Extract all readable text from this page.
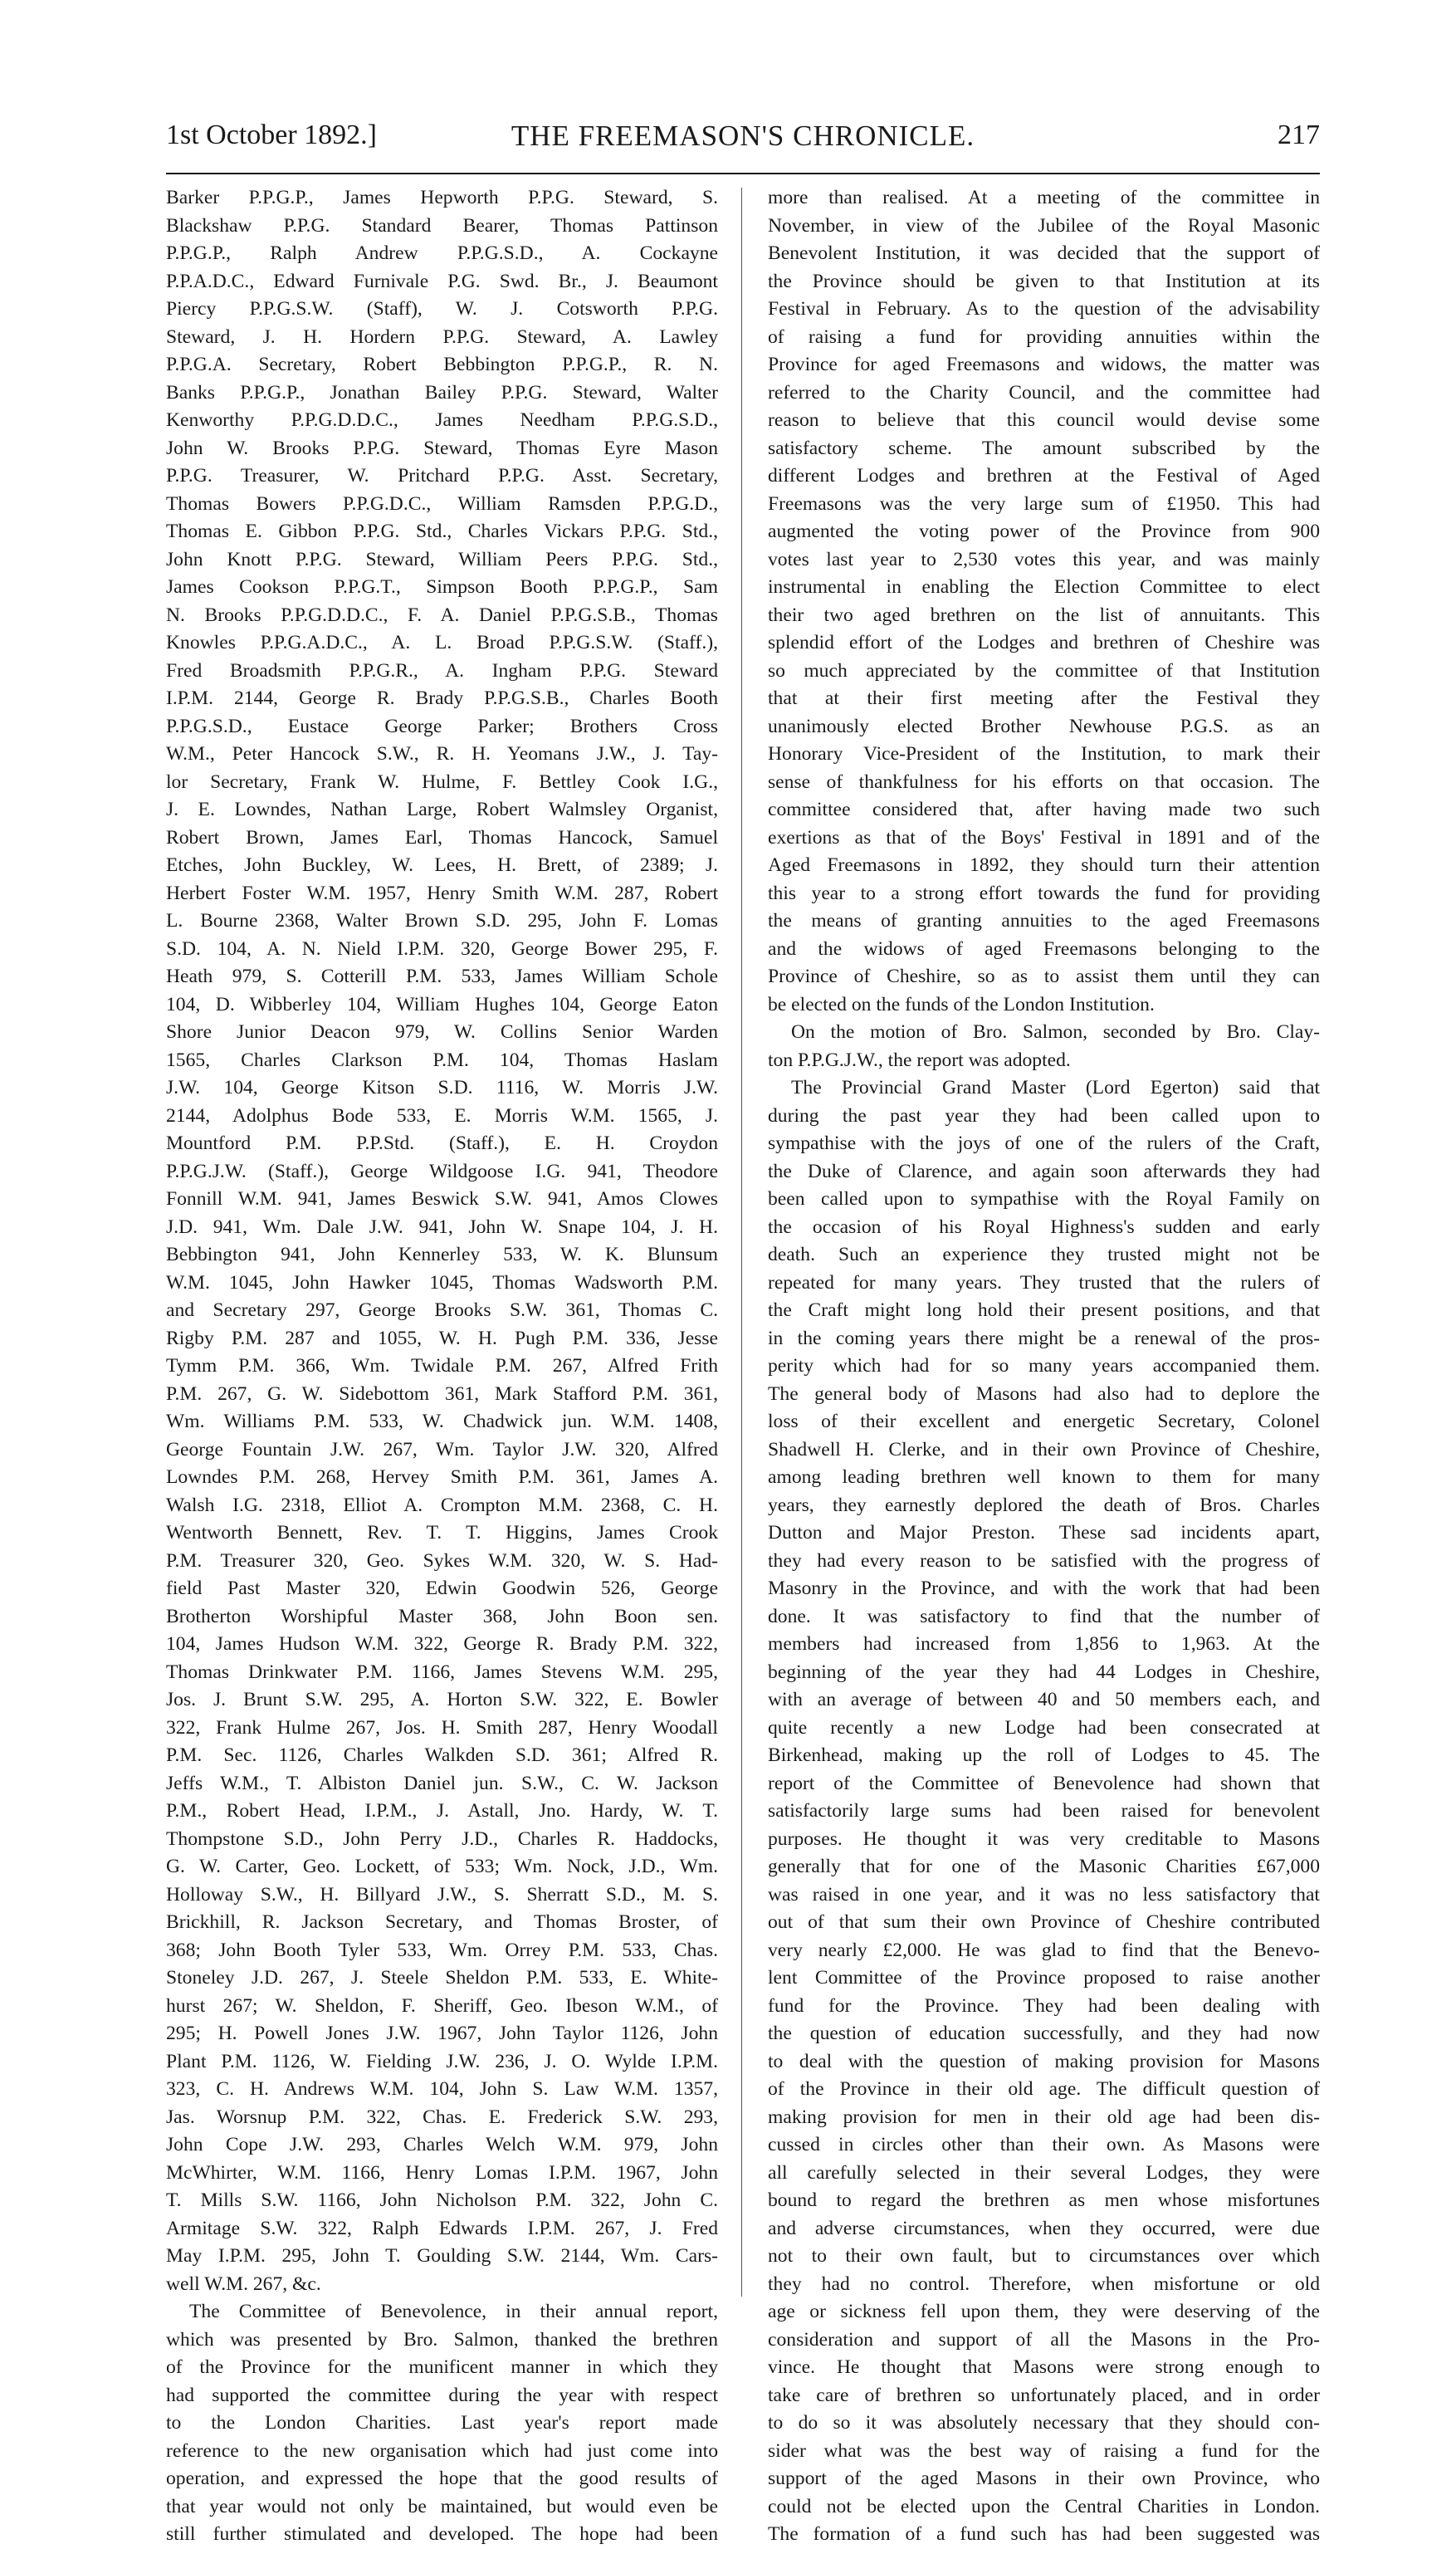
1st October 1892.]	THE FREEMASON'S CHRONICLE.	217
Barker P.P.G.P., James Hepworth P.P.G. Steward, S.
Blackshaw P.P.G. Standard Bearer, Thomas Pattinson
P.P.G.P., Ralph Andrew P.P.G.S.D., A. Cockayne
P.P.A.D.C., Edward Furnivale P.G. Swd. Br., J. Beaumont
Piercy P.P.G.S.W. (Staff), W. J. Cotsworth P.P.G.
Steward, J. H. Hordern P.P.G. Steward, A. Lawley
P.P.G.A. Secretary, Robert Bebbington P.P.G.P., R. N.
Banks P.P.G.P., Jonathan Bailey P.P.G. Steward, Walter
Kenworthy P.P.G.D.D.C., James Needham P.P.G.S.D.,
John W. Brooks P.P.G. Steward, Thomas Eyre Mason
P.P.G. Treasurer, W. Pritchard P.P.G. Asst. Secretary,
Thomas Bowers P.P.G.D.C., William Ramsden P.P.G.D.,
Thomas E. Gibbon P.P.G. Std., Charles Vickars P.P.G. Std.,
John Knott P.P.G. Steward, William Peers P.P.G. Std.,
James Cookson P.P.G.T., Simpson Booth P.P.G.P., Sam
N. Brooks P.P.G.D.D.C., F. A. Daniel P.P.G.S.B., Thomas
Knowles P.P.G.A.D.C., A. L. Broad P.P.G.S.W. (Staff.),
Fred Broadsmith P.P.G.R., A. Ingham P.P.G. Steward
I.P.M. 2144, George R. Brady P.P.G.S.B., Charles Booth
P.P.G.S.D., Eustace George Parker; Brothers Cross
W.M., Peter Hancock S.W., R. H. Yeomans J.W., J. Tay-
lor Secretary, Frank W. Hulme, F. Bettley Cook I.G.,
J. E. Lowndes, Nathan Large, Robert Walmsley Organist,
Robert Brown, James Earl, Thomas Hancock, Samuel
Etches, John Buckley, W. Lees, H. Brett, of 2389; J.
Herbert Foster W.M. 1957, Henry Smith W.M. 287, Robert
L. Bourne 2368, Walter Brown S.D. 295, John F. Lomas
S.D. 104, A. N. Nield I.P.M. 320, George Bower 295, F.
Heath 979, S. Cotterill P.M. 533, James William Schole
104, D. Wibberley 104, William Hughes 104, George Eaton
Shore Junior Deacon 979, W. Collins Senior Warden
1565, Charles Clarkson P.M. 104, Thomas Haslam
J.W. 104, George Kitson S.D. 1116, W. Morris J.W.
2144, Adolphus Bode 533, E. Morris W.M. 1565, J.
Mountford P.M. P.P.Std. (Staff.), E. H. Croydon
P.P.G.J.W. (Staff.), George Wildgoose I.G. 941, Theodore
Fonnill W.M. 941, James Beswick S.W. 941, Amos Clowes
J.D. 941, Wm. Dale J.W. 941, John W. Snape 104, J. H.
Bebbington 941, John Kennerley 533, W. K. Blunsum
W.M. 1045, John Hawker 1045, Thomas Wadsworth P.M.
and Secretary 297, George Brooks S.W. 361, Thomas C.
Rigby P.M. 287 and 1055, W. H. Pugh P.M. 336, Jesse
Tymm P.M. 366, Wm. Twidale P.M. 267, Alfred Frith
P.M. 267, G. W. Sidebottom 361, Mark Stafford P.M. 361,
Wm. Williams P.M. 533, W. Chadwick jun. W.M. 1408,
George Fountain J.W. 267, Wm. Taylor J.W. 320, Alfred
Lowndes P.M. 268, Hervey Smith P.M. 361, James A.
Walsh I.G. 2318, Elliot A. Crompton M.M. 2368, C. H.
Wentworth Bennett, Rev. T. T. Higgins, James Crook
P.M. Treasurer 320, Geo. Sykes W.M. 320, W. S. Had-
field Past Master 320, Edwin Goodwin 526, George
Brotherton Worshipful Master 368, John Boon sen.
104, James Hudson W.M. 322, George R. Brady P.M. 322,
Thomas Drinkwater P.M. 1166, James Stevens W.M. 295,
Jos. J. Brunt S.W. 295, A. Horton S.W. 322, E. Bowler
322, Frank Hulme 267, Jos. H. Smith 287, Henry Woodall
P.M. Sec. 1126, Charles Walkden S.D. 361; Alfred R.
Jeffs W.M., T. Albiston Daniel jun. S.W., C. W. Jackson
P.M., Robert Head, I.P.M., J. Astall, Jno. Hardy, W. T.
Thompstone S.D., John Perry J.D., Charles R. Haddocks,
G. W. Carter, Geo. Lockett, of 533; Wm. Nock, J.D., Wm.
Holloway S.W., H. Billyard J.W., S. Sherratt S.D., M. S.
Brickhill, R. Jackson Secretary, and Thomas Broster, of
368; John Booth Tyler 533, Wm. Orrey P.M. 533, Chas.
Stoneley J.D. 267, J. Steele Sheldon P.M. 533, E. White-
hurst 267; W. Sheldon, F. Sheriff, Geo. Ibeson W.M., of
295; H. Powell Jones J.W. 1967, John Taylor 1126, John
Plant P.M. 1126, W. Fielding J.W. 236, J. O. Wylde I.P.M.
323, C. H. Andrews W.M. 104, John S. Law W.M. 1357,
Jas. Worsnup P.M. 322, Chas. E. Frederick S.W. 293,
John Cope J.W. 293, Charles Welch W.M. 979, John
McWhirter, W.M. 1166, Henry Lomas I.P.M. 1967, John
T. Mills S.W. 1166, John Nicholson P.M. 322, John C.
Armitage S.W. 322, Ralph Edwards I.P.M. 267, J. Fred
May I.P.M. 295, John T. Goulding S.W. 2144, Wm. Cars-
well W.M. 267, &c.
The Committee of Benevolence, in their annual report,
which was presented by Bro. Salmon, thanked the brethren
of the Province for the munificent manner in which they
had supported the committee during the year with respect
to the London Charities. Last year's report made
reference to the new organisation which had just come into
operation, and expressed the hope that the good results of
that year would not only be maintained, but would even be
still further stimulated and developed. The hope had been
more than realised. At a meeting of the committee in
November, in view of the Jubilee of the Royal Masonic
Benevolent Institution, it was decided that the support of
the Province should be given to that Institution at its
Festival in February. As to the question of the advisability
of raising a fund for providing annuities within the
Province for aged Freemasons and widows, the matter was
referred to the Charity Council, and the committee had
reason to believe that this council would devise some
satisfactory scheme. The amount subscribed by the
different Lodges and brethren at the Festival of Aged
Freemasons was the very large sum of £1950. This had
augmented the voting power of the Province from 900
votes last year to 2,530 votes this year, and was mainly
instrumental in enabling the Election Committee to elect
their two aged brethren on the list of annuitants. This
splendid effort of the Lodges and brethren of Cheshire was
so much appreciated by the committee of that Institution
that at their first meeting after the Festival they
unanimously elected Brother Newhouse P.G.S. as an
Honorary Vice-President of the Institution, to mark their
sense of thankfulness for his efforts on that occasion. The
committee considered that, after having made two such
exertions as that of the Boys' Festival in 1891 and of the
Aged Freemasons in 1892, they should turn their attention
this year to a strong effort towards the fund for providing
the means of granting annuities to the aged Freemasons
and the widows of aged Freemasons belonging to the
Province of Cheshire, so as to assist them until they can
be elected on the funds of the London Institution.
On the motion of Bro. Salmon, seconded by Bro. Clay-
ton P.P.G.J.W., the report was adopted.
The Provincial Grand Master (Lord Egerton) said that
during the past year they had been called upon to
sympathise with the joys of one of the rulers of the Craft,
the Duke of Clarence, and again soon afterwards they had
been called upon to sympathise with the Royal Family on
the occasion of his Royal Highness's sudden and early
death. Such an experience they trusted might not be
repeated for many years. They trusted that the rulers of
the Craft might long hold their present positions, and that
in the coming years there might be a renewal of the pros-
perity which had for so many years accompanied them.
The general body of Masons had also had to deplore the
loss of their excellent and energetic Secretary, Colonel
Shadwell H. Clerke, and in their own Province of Cheshire,
among leading brethren well known to them for many
years, they earnestly deplored the death of Bros. Charles
Dutton and Major Preston. These sad incidents apart,
they had every reason to be satisfied with the progress of
Masonry in the Province, and with the work that had been
done. It was satisfactory to find that the number of
members had increased from 1,856 to 1,963. At the
beginning of the year they had 44 Lodges in Cheshire,
with an average of between 40 and 50 members each, and
quite recently a new Lodge had been consecrated at
Birkenhead, making up the roll of Lodges to 45. The
report of the Committee of Benevolence had shown that
satisfactorily large sums had been raised for benevolent
purposes. He thought it was very creditable to Masons
generally that for one of the Masonic Charities £67,000
was raised in one year, and it was no less satisfactory that
out of that sum their own Province of Cheshire contributed
very nearly £2,000. He was glad to find that the Benevo-
lent Committee of the Province proposed to raise another
fund for the Province. They had been dealing with
the question of education successfully, and they had now
to deal with the question of making provision for Masons
of the Province in their old age. The difficult question of
making provision for men in their old age had been dis-
cussed in circles other than their own. As Masons were
all carefully selected in their several Lodges, they were
bound to regard the brethren as men whose misfortunes
and adverse circumstances, when they occurred, were due
not to their own fault, but to circumstances over which
they had no control. Therefore, when misfortune or old
age or sickness fell upon them, they were deserving of the
consideration and support of all the Masons in the Pro-
vince. He thought that Masons were strong enough to
take care of brethren so unfortunately placed, and in order
to do so it was absolutely necessary that they should con-
sider what was the best way of raising a fund for the
support of the aged Masons in their own Province, who
could not be elected upon the Central Charities in London.
The formation of a fund such has had been suggested was
